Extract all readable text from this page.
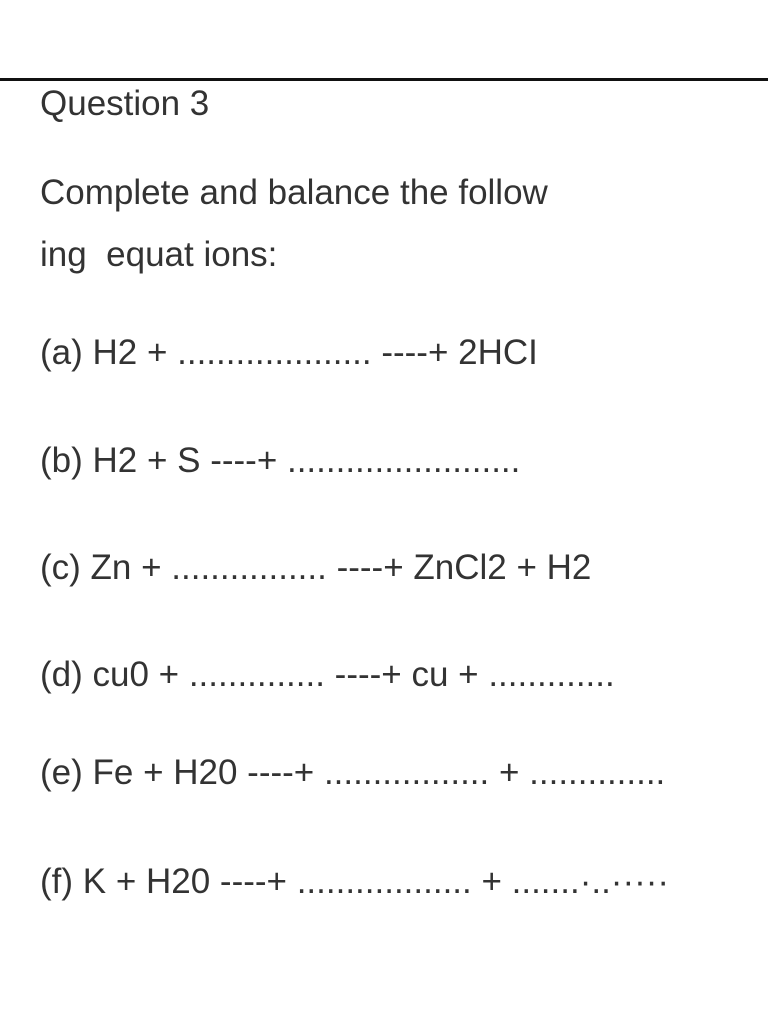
Question 3
Complete and balance the follow
ing  equat ions:
(a) H2 + .................... ----+ 2HCI
(b) H2 + S ----+ ........................
(c) Zn + ................ ----+ ZnCl2 + H2
(d) cu0 + .............. ----+ cu + .............
(e) Fe + H20 ----+ ................. + ..............
(f) K + H20 ----+ .................. + .......·..·····
